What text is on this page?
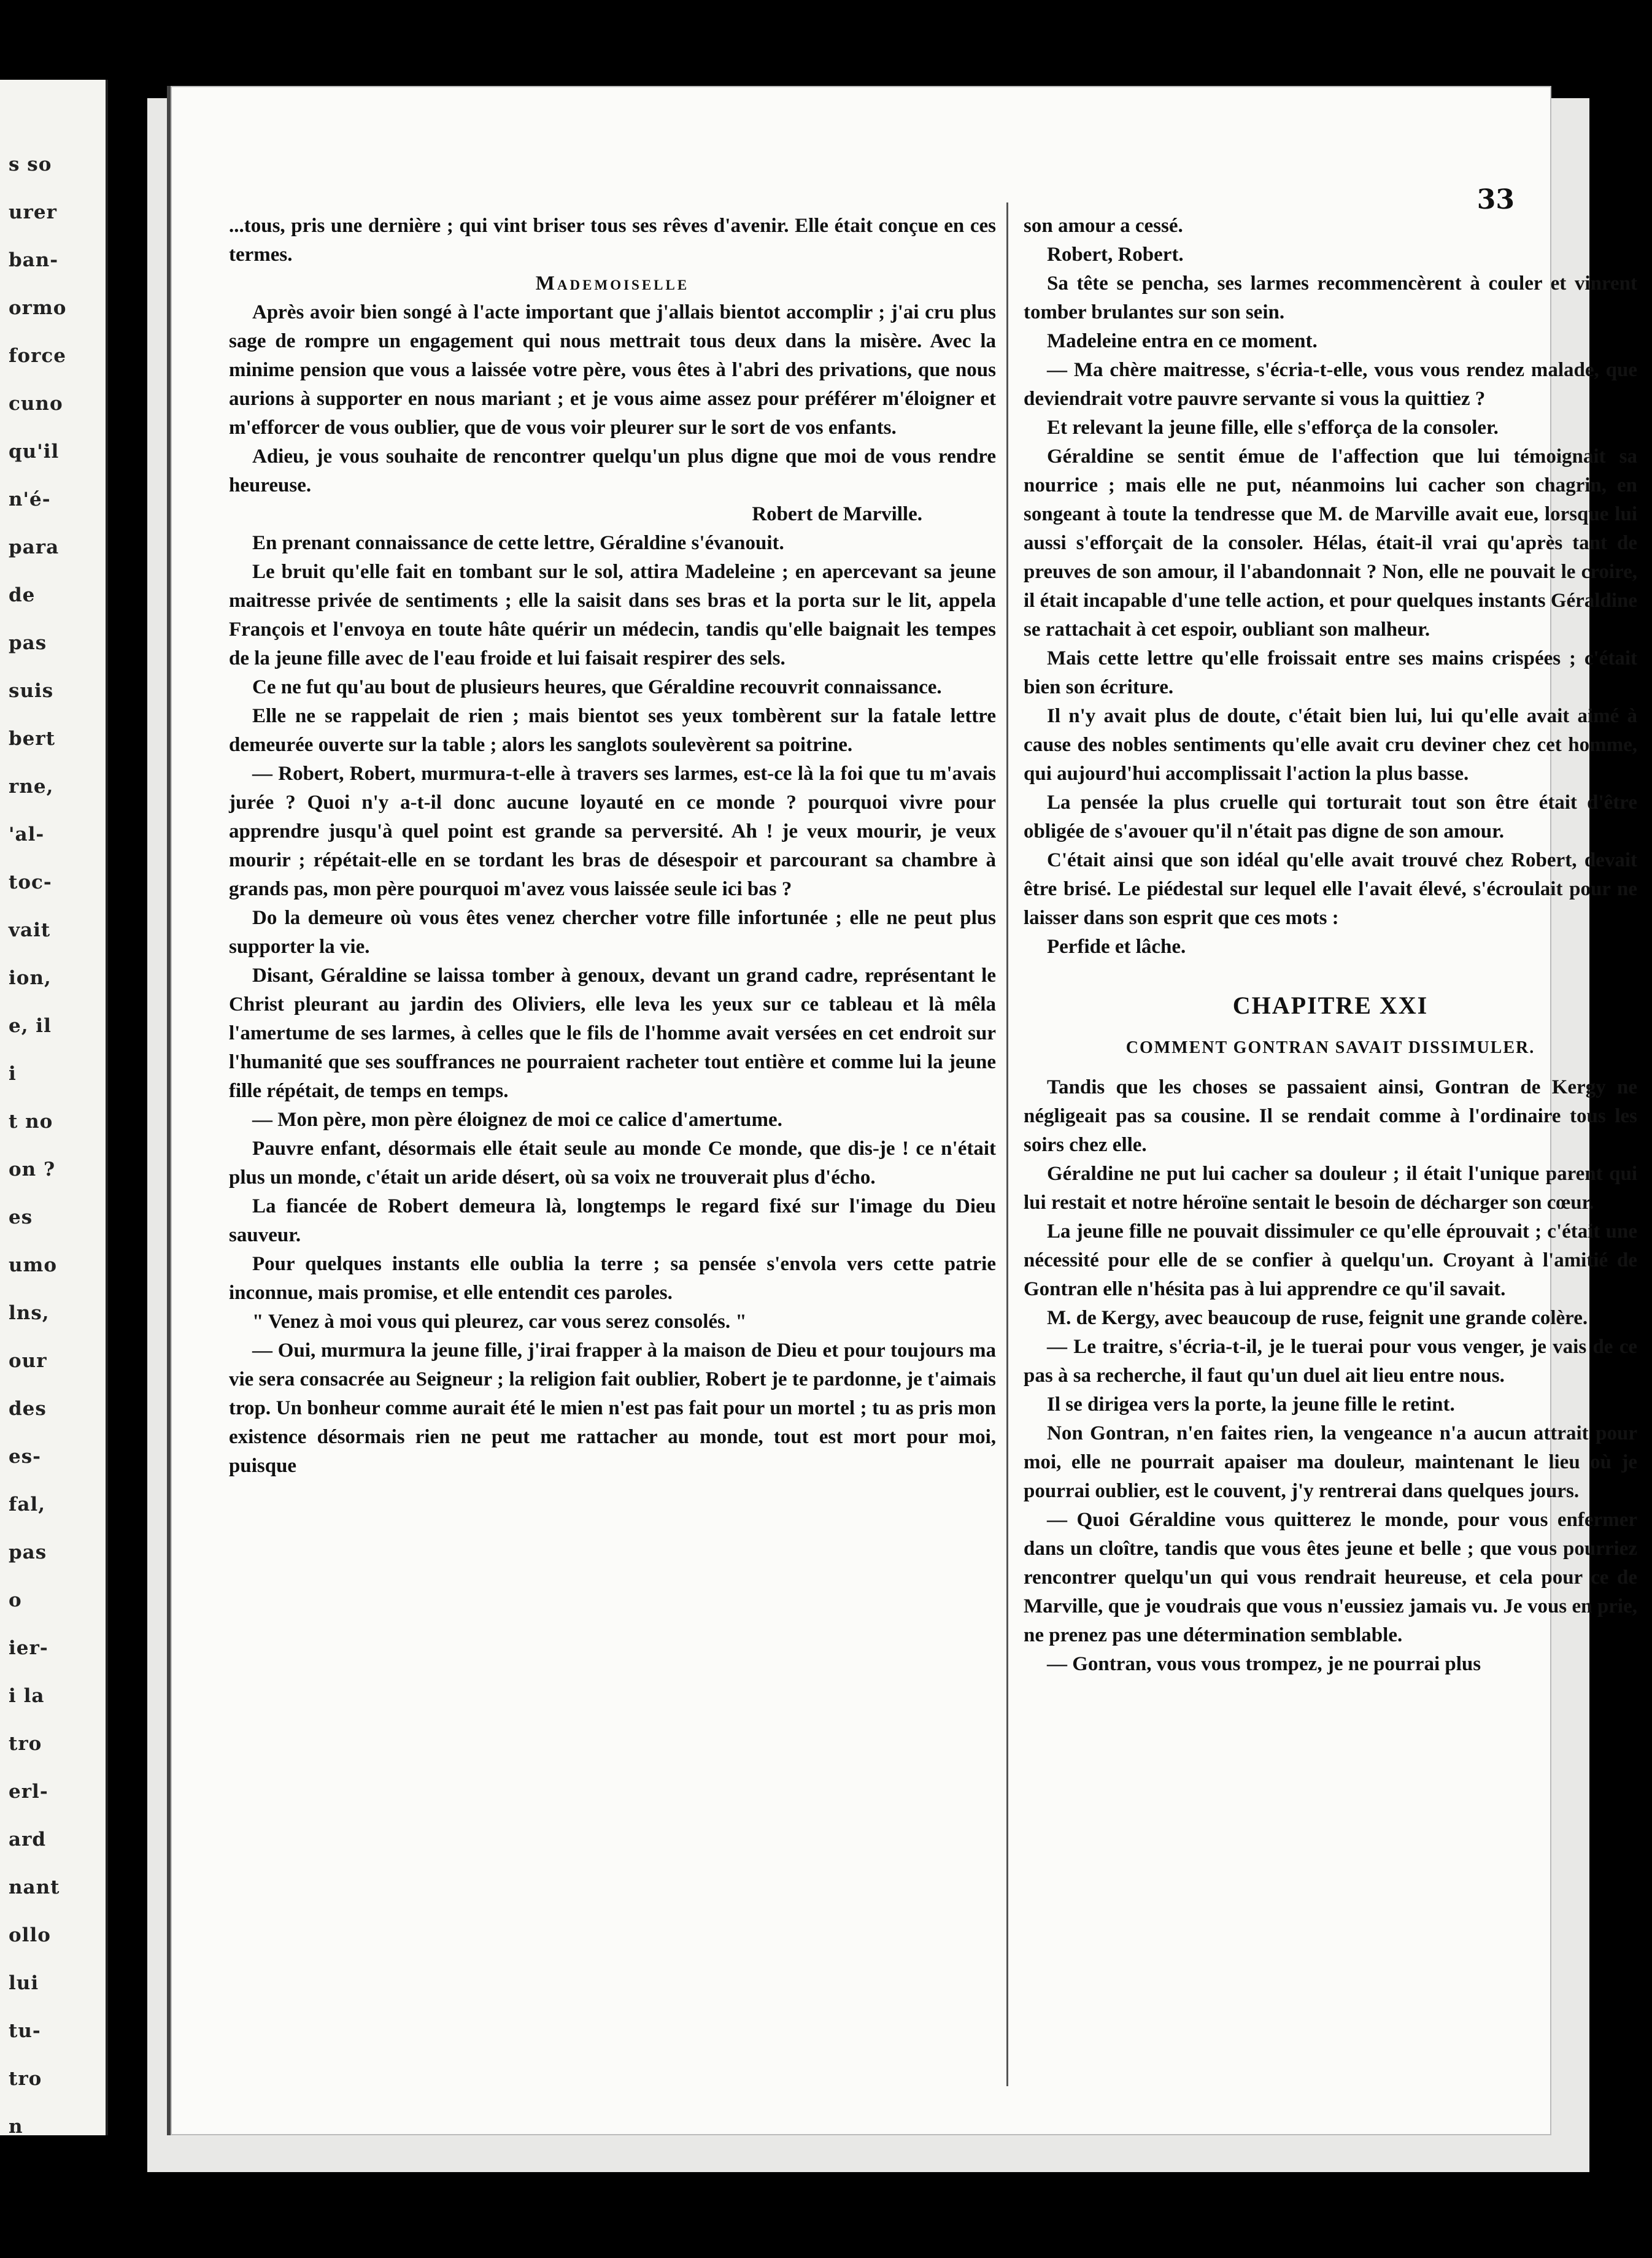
s so
urer
ban-
ormo
force
cuno
qu'il
n'é-
para
de
pas
suis
bert
rne,
'al-
toc-
vait
ion,
e, il
i
t no
on ?
es
umo
lns,
our
des
es-
fal,
pas
o
ier-
i la
tro
erl-
ard
nant
ollo
lui
tu-
tro
n
33

...tous, pris une dernière ; qui vint briser tous ses rêves d'avenir. Elle était conçue en ces termes.

Mademoiselle

Après avoir bien songé à l'acte important que j'allais bientot accomplir ; j'ai cru plus sage de rompre un engagement qui nous mettrait tous deux dans la misère. Avec la minime pension que vous a laissée votre père, vous êtes à l'abri des privations, que nous aurions à supporter en nous mariant ; et je vous aime assez pour préférer m'éloigner et m'efforcer de vous oublier, que de vous voir pleurer sur le sort de vos enfants.

Adieu, je vous souhaite de rencontrer quelqu'un plus digne que moi de vous rendre heureuse.

Robert de Marville.

En prenant connaissance de cette lettre, Géraldine s'évanouit.

Le bruit qu'elle fait en tombant sur le sol, attira Madeleine ; en apercevant sa jeune maitresse privée de sentiments ; elle la saisit dans ses bras et la porta sur le lit, appela François et l'envoya en toute hâte quérir un médecin, tandis qu'elle baignait les tempes de la jeune fille avec de l'eau froide et lui faisait respirer des sels.

Ce ne fut qu'au bout de plusieurs heures, que Géraldine recouvrit connaissance.

Elle ne se rappelait de rien ; mais bientot ses yeux tombèrent sur la fatale lettre demeurée ouverte sur la table ; alors les sanglots soulevèrent sa poitrine.

— Robert, Robert, murmura-t-elle à travers ses larmes, est-ce là la foi que tu m'avais jurée ? Quoi n'y a-t-il donc aucune loyauté en ce monde ? pourquoi vivre pour apprendre jusqu'à quel point est grande sa perversité. Ah ! je veux mourir, je veux mourir ; répétait-elle en se tordant les bras de désespoir et parcourant sa chambre à grands pas, mon père pourquoi m'avez vous laissée seule ici bas ?

Do la demeure où vous êtes venez chercher votre fille infortunée ; elle ne peut plus supporter la vie.

Disant, Géraldine se laissa tomber à genoux, devant un grand cadre, représentant le Christ pleurant au jardin des Oliviers, elle leva les yeux sur ce tableau et là mêla l'amertume de ses larmes, à celles que le fils de l'homme avait versées en cet endroit sur l'humanité que ses souffrances ne pourraient racheter tout entière et comme lui la jeune fille répétait, de temps en temps.

— Mon père, mon père éloignez de moi ce calice d'amertume.

Pauvre enfant, désormais elle était seule au monde Ce monde, que dis-je ! ce n'était plus un monde, c'était un aride désert, où sa voix ne trouverait plus d'écho.

La fiancée de Robert demeura là, longtemps le regard fixé sur l'image du Dieu sauveur.

Pour quelques instants elle oublia la terre ; sa pensée s'envola vers cette patrie inconnue, mais promise, et elle entendit ces paroles.

" Venez à moi vous qui pleurez, car vous serez consolés. "

— Oui, murmura la jeune fille, j'irai frapper à la maison de Dieu et pour toujours ma vie sera consacrée au Seigneur ; la religion fait oublier, Robert je te pardonne, je t'aimais trop. Un bonheur comme aurait été le mien n'est pas fait pour un mortel ; tu as pris mon existence désormais rien ne peut me rattacher au monde, tout est mort pour moi, puisque

son amour a cessé.

Robert, Robert.

Sa tête se pencha, ses larmes recommencèrent à couler et vinrent tomber brulantes sur son sein.

Madeleine entra en ce moment.

— Ma chère maitresse, s'écria-t-elle, vous vous rendez malade, que deviendrait votre pauvre servante si vous la quittiez ?

Et relevant la jeune fille, elle s'efforça de la consoler.

Géraldine se sentit émue de l'affection que lui témoignait sa nourrice ; mais elle ne put, néanmoins lui cacher son chagrin, en songeant à toute la tendresse que M. de Marville avait eue, lorsque lui aussi s'efforçait de la consoler. Hélas, était-il vrai qu'après tant de preuves de son amour, il l'abandonnait ? Non, elle ne pouvait le croire, il était incapable d'une telle action, et pour quelques instants Géraldine se rattachait à cet espoir, oubliant son malheur.

Mais cette lettre qu'elle froissait entre ses mains crispées ; c'était bien son écriture.

Il n'y avait plus de doute, c'était bien lui, lui qu'elle avait aimé à cause des nobles sentiments qu'elle avait cru deviner chez cet homme, qui aujourd'hui accomplissait l'action la plus basse.

La pensée la plus cruelle qui torturait tout son être était d'être obligée de s'avouer qu'il n'était pas digne de son amour.

C'était ainsi que son idéal qu'elle avait trouvé chez Robert, devait être brisé. Le piédestal sur lequel elle l'avait élevé, s'écroulait pour ne laisser dans son esprit que ces mots :

Perfide et lâche.

CHAPITRE XXI

COMMENT GONTRAN SAVAIT DISSIMULER.

Tandis que les choses se passaient ainsi, Gontran de Kergy ne négligeait pas sa cousine. Il se rendait comme à l'ordinaire tous les soirs chez elle.

Géraldine ne put lui cacher sa douleur ; il était l'unique parent qui lui restait et notre héroïne sentait le besoin de décharger son cœur.

La jeune fille ne pouvait dissimuler ce qu'elle éprouvait ; c'était une nécessité pour elle de se confier à quelqu'un. Croyant à l'amitié de Gontran elle n'hésita pas à lui apprendre ce qu'il savait.

M. de Kergy, avec beaucoup de ruse, feignit une grande colère.

— Le traitre, s'écria-t-il, je le tuerai pour vous venger, je vais de ce pas à sa recherche, il faut qu'un duel ait lieu entre nous.

Il se dirigea vers la porte, la jeune fille le retint.

Non Gontran, n'en faites rien, la vengeance n'a aucun attrait pour moi, elle ne pourrait apaiser ma douleur, maintenant le lieu où je pourrai oublier, est le couvent, j'y rentrerai dans quelques jours.

— Quoi Géraldine vous quitterez le monde, pour vous enfermer dans un cloître, tandis que vous êtes jeune et belle ; que vous pourriez rencontrer quelqu'un qui vous rendrait heureuse, et cela pour ce de Marville, que je voudrais que vous n'eussiez jamais vu. Je vous en prie, ne prenez pas une détermination semblable.

— Gontran, vous vous trompez, je ne pourrai plus
